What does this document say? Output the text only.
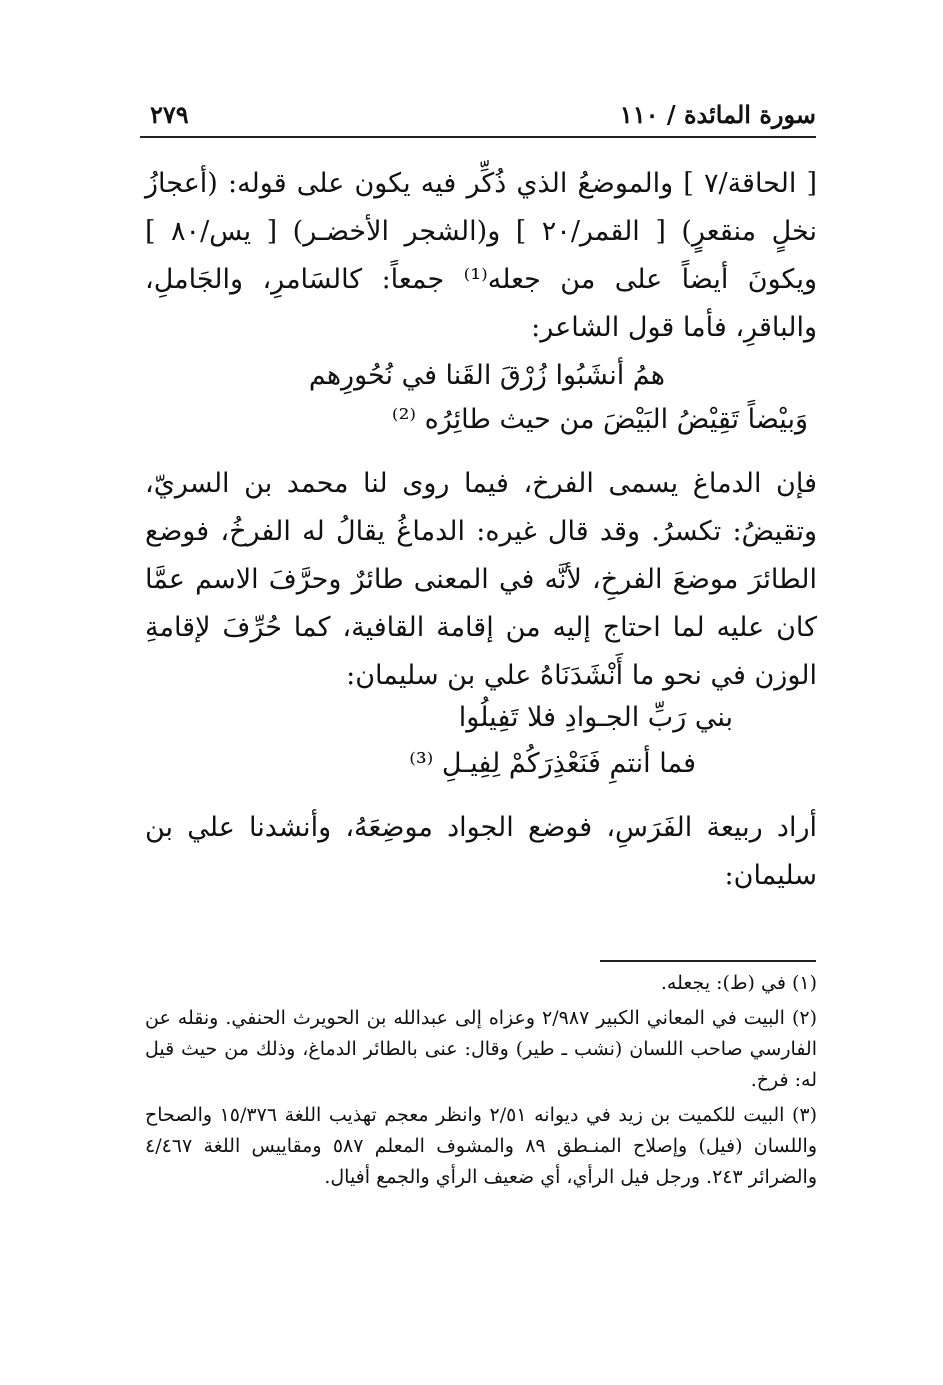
سورة المائدة / ١١٠
٢٧٩

[ الحاقة/٧ ] والموضعُ الذي ذُكِّر فيه يكون على قوله: (أعجازُ نخلٍ منقعرٍ) [ القمر/٢٠ ] و(الشجر الأخضـر) [ يس/٨٠ ] ويكونَ أيضاً على من جعله⁽¹⁾ جمعاً: كالسَامرِ، والجَاملِ، والباقرِ، فأما قول الشاعر:

همُ أنشَبُوا زُرْقَ القَنا في نُحُورِهم
وَبيْضاً تَقِيْضُ البَيْضَ من حيث طائِرُه ⁽²⁾

فإن الدماغ يسمى الفرخ، فيما روى لنا محمد بن السريّ، وتقيضُ: تكسرُ. وقد قال غيره: الدماغُ يقالُ له الفرخُ، فوضع الطائرَ موضعَ الفرخِ، لأنَّه في المعنى طائرٌ وحرَّفَ الاسم عمَّا كان عليه لما احتاج إليه من إقامة القافية، كما حُرِّفَ لإقامةِ الوزن في نحو ما أَنْشَدَنَاهُ علي بن سليمان:

بني رَبِّ الجـوادِ فلا تَفِيلُوا
فما أنتمِ فَنَعْذِرَكُمْ لِفِيـلِ ⁽³⁾

أراد ربيعة الفَرَسِ، فوضع الجواد موضِعَهُ، وأنشدنا علي بن سليمان:

(١) في (ط): يجعله.

(٢) البيت في المعاني الكبير ٢/٩٨٧ وعزاه إلى عبدالله بن الحويرث الحنفي. ونقله عن الفارسي صاحب اللسان (نشب ـ طير) وقال: عنى بالطائر الدماغ، وذلك من حيث قيل له: فرخ.

(٣) البيت للكميت بن زيد في ديوانه ٢/٥١ وانظر معجم تهذيب اللغة ١٥/٣٧٦ والصحاح واللسان (فيل) وإصلاح المنـطق ٨٩ والمشوف المعلم ٥٨٧ ومقاييس اللغة ٤/٤٦٧ والضرائر ٢٤٣. ورجل فيل الرأي، أي ضعيف الرأي والجمع أفيال.
